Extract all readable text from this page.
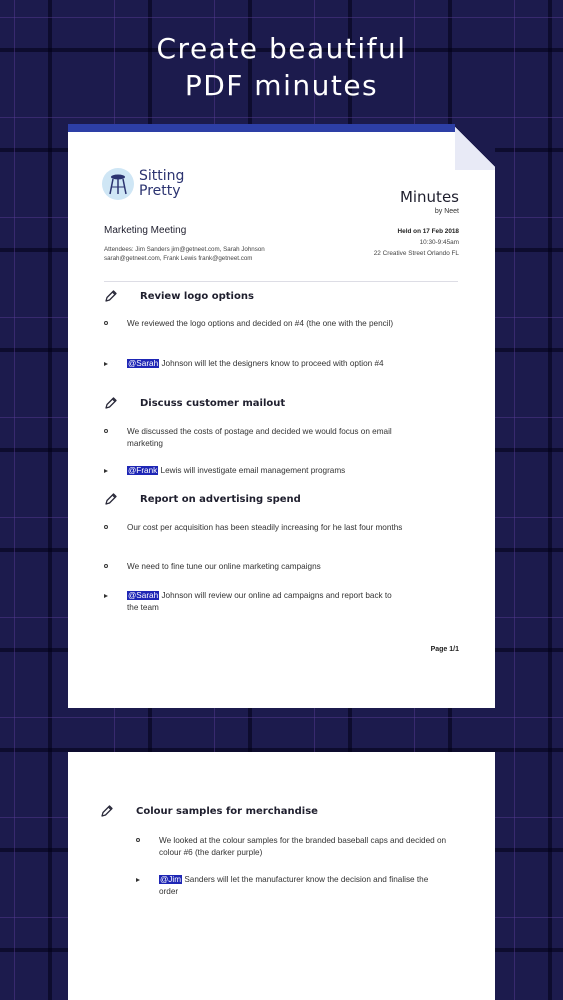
Create beautiful
PDF minutes
Sitting
Pretty	Minutes
by Neet
Marketing Meeting
Attendees: Jim Sanders jim@getneet.com, Sarah Johnson sarah@getneet.com, Frank Lewis frank@getneet.com
Held on 17 Feb 2018
10:30-9:45am
22 Creative Street Orlando FL
Review logo options
We reviewed the logo options and decided on #4 (the one with the pencil)
@Sarah Johnson will let the designers know to proceed with option #4
Discuss customer mailout
We discussed the costs of postage and decided we would focus on email marketing
@Frank Lewis will investigate email management programs
Report on advertising spend
Our cost per acquisition has been steadily increasing for he last four months
We need to fine tune our online marketing campaigns
@Sarah Johnson will review our online ad campaigns and report back to the team
Page 1/1
Colour samples for merchandise
We looked at the colour samples for the branded baseball caps and decided on colour #6 (the darker purple)
@Jim Sanders will let the manufacturer know the decision and finalise the order
